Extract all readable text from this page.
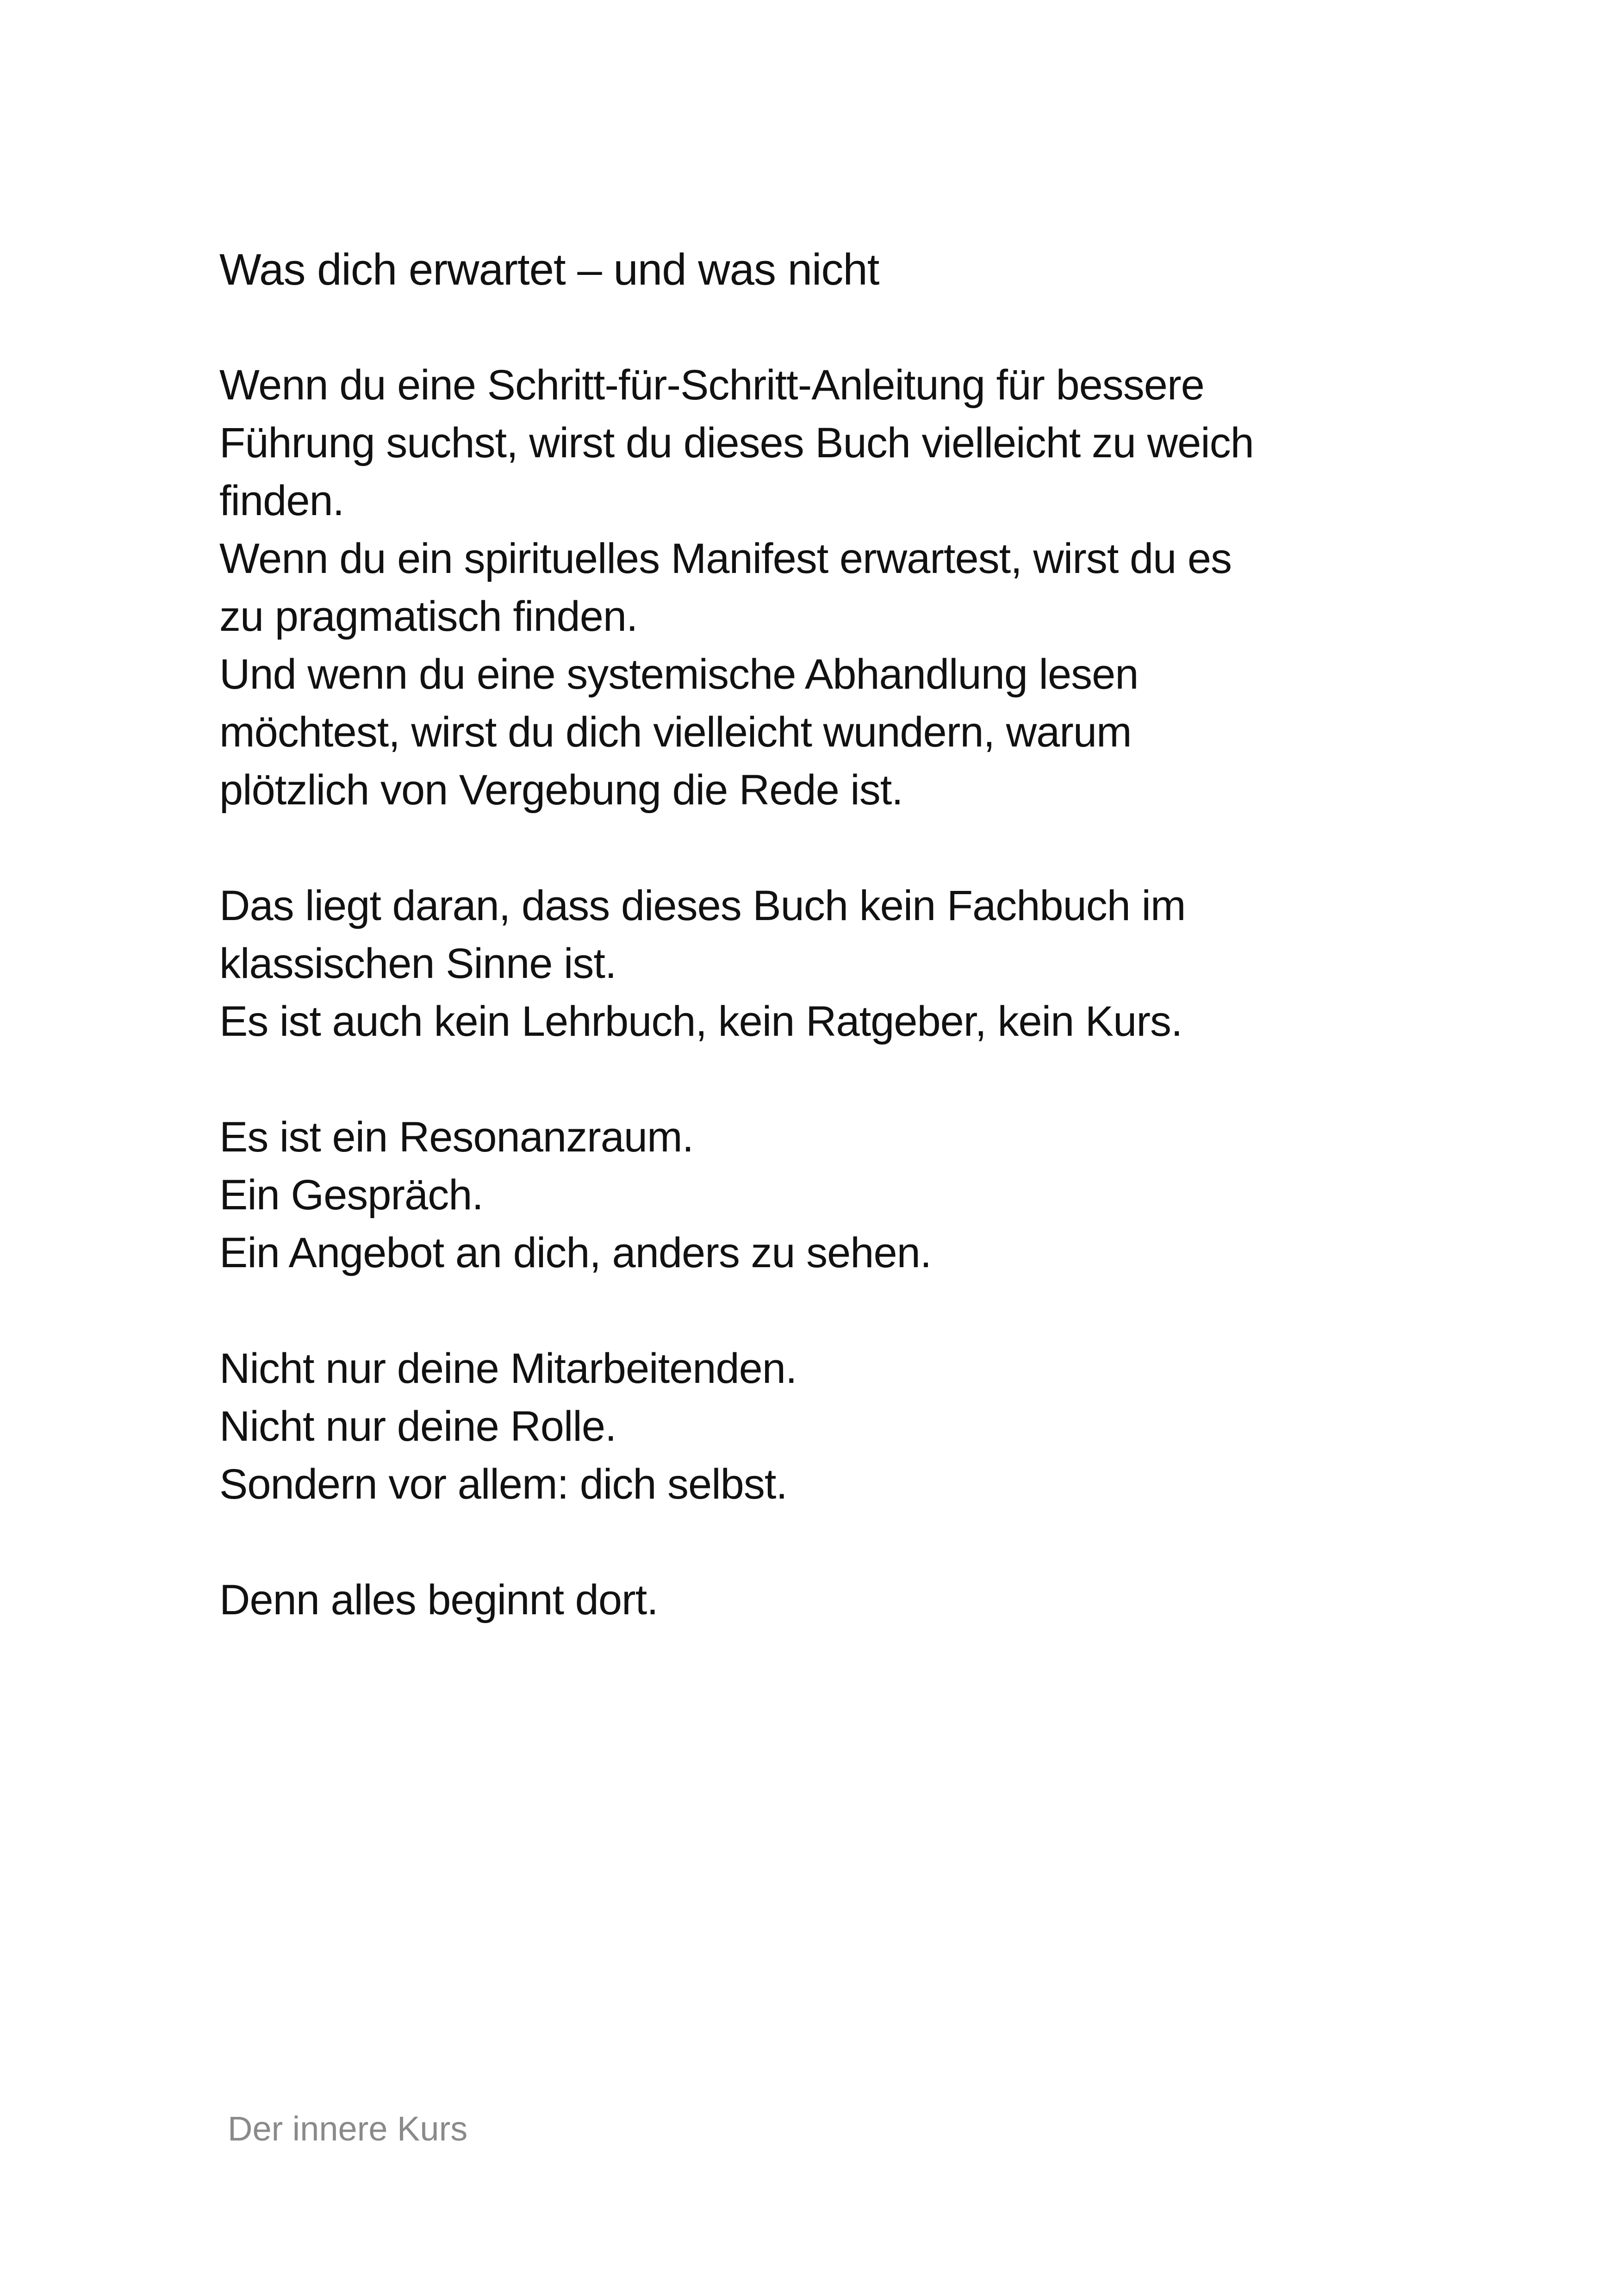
Was dich erwartet – und was nicht
Wenn du eine Schritt-für-Schritt-Anleitung für bessere
Führung suchst, wirst du dieses Buch vielleicht zu weich
finden.
Wenn du ein spirituelles Manifest erwartest, wirst du es
zu pragmatisch finden.
Und wenn du eine systemische Abhandlung lesen
möchtest, wirst du dich vielleicht wundern, warum
plötzlich von Vergebung die Rede ist.
Das liegt daran, dass dieses Buch kein Fachbuch im
klassischen Sinne ist.
Es ist auch kein Lehrbuch, kein Ratgeber, kein Kurs.
Es ist ein Resonanzraum.
Ein Gespräch.
Ein Angebot an dich, anders zu sehen.
Nicht nur deine Mitarbeitenden.
Nicht nur deine Rolle.
Sondern vor allem: dich selbst.
Denn alles beginnt dort.
Der innere Kurs
